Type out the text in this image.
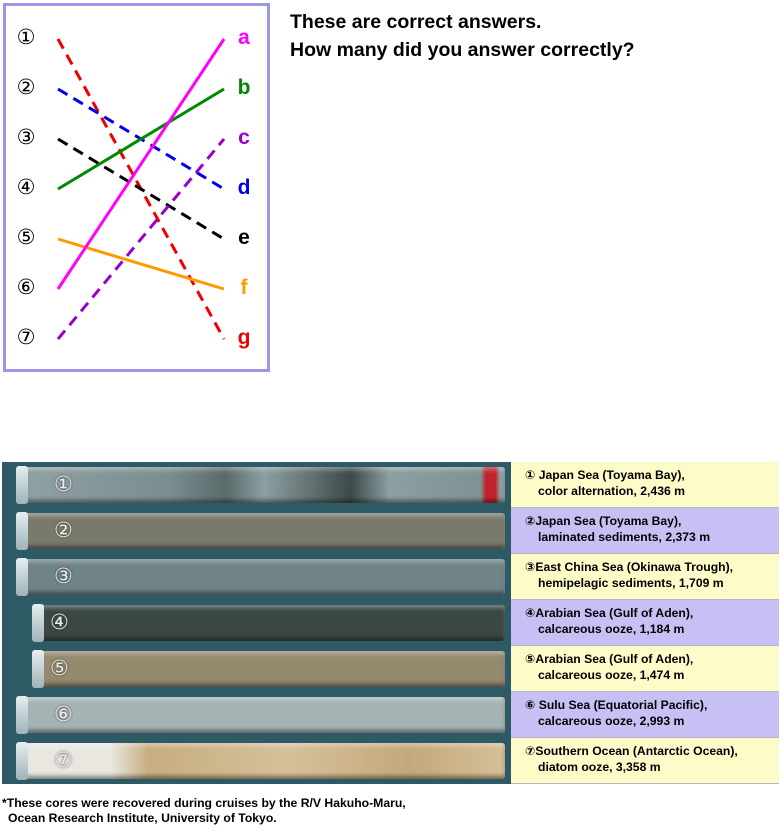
①
②
③
④
⑤
⑥
⑦
a
b
c
d
e
f
g
These are correct answers.
How many did you answer correctly?
①
②
③
④
⑤
⑥
⑦
① Japan Sea (Toyama Bay),
color alternation, 2,436 m
②Japan Sea (Toyama Bay),
laminated sediments, 2,373 m
③East China Sea (Okinawa Trough),
hemipelagic sediments, 1,709 m
④Arabian Sea (Gulf of Aden),
calcareous ooze, 1,184 m
⑤Arabian Sea (Gulf of Aden),
calcareous ooze, 1,474 m
⑥ Sulu Sea (Equatorial Pacific),
calcareous ooze, 2,993 m
⑦Southern Ocean (Antarctic Ocean),
diatom ooze, 3,358 m
*These cores were recovered during cruises by the R/V Hakuho-Maru,
Ocean Research Institute, University of Tokyo.
